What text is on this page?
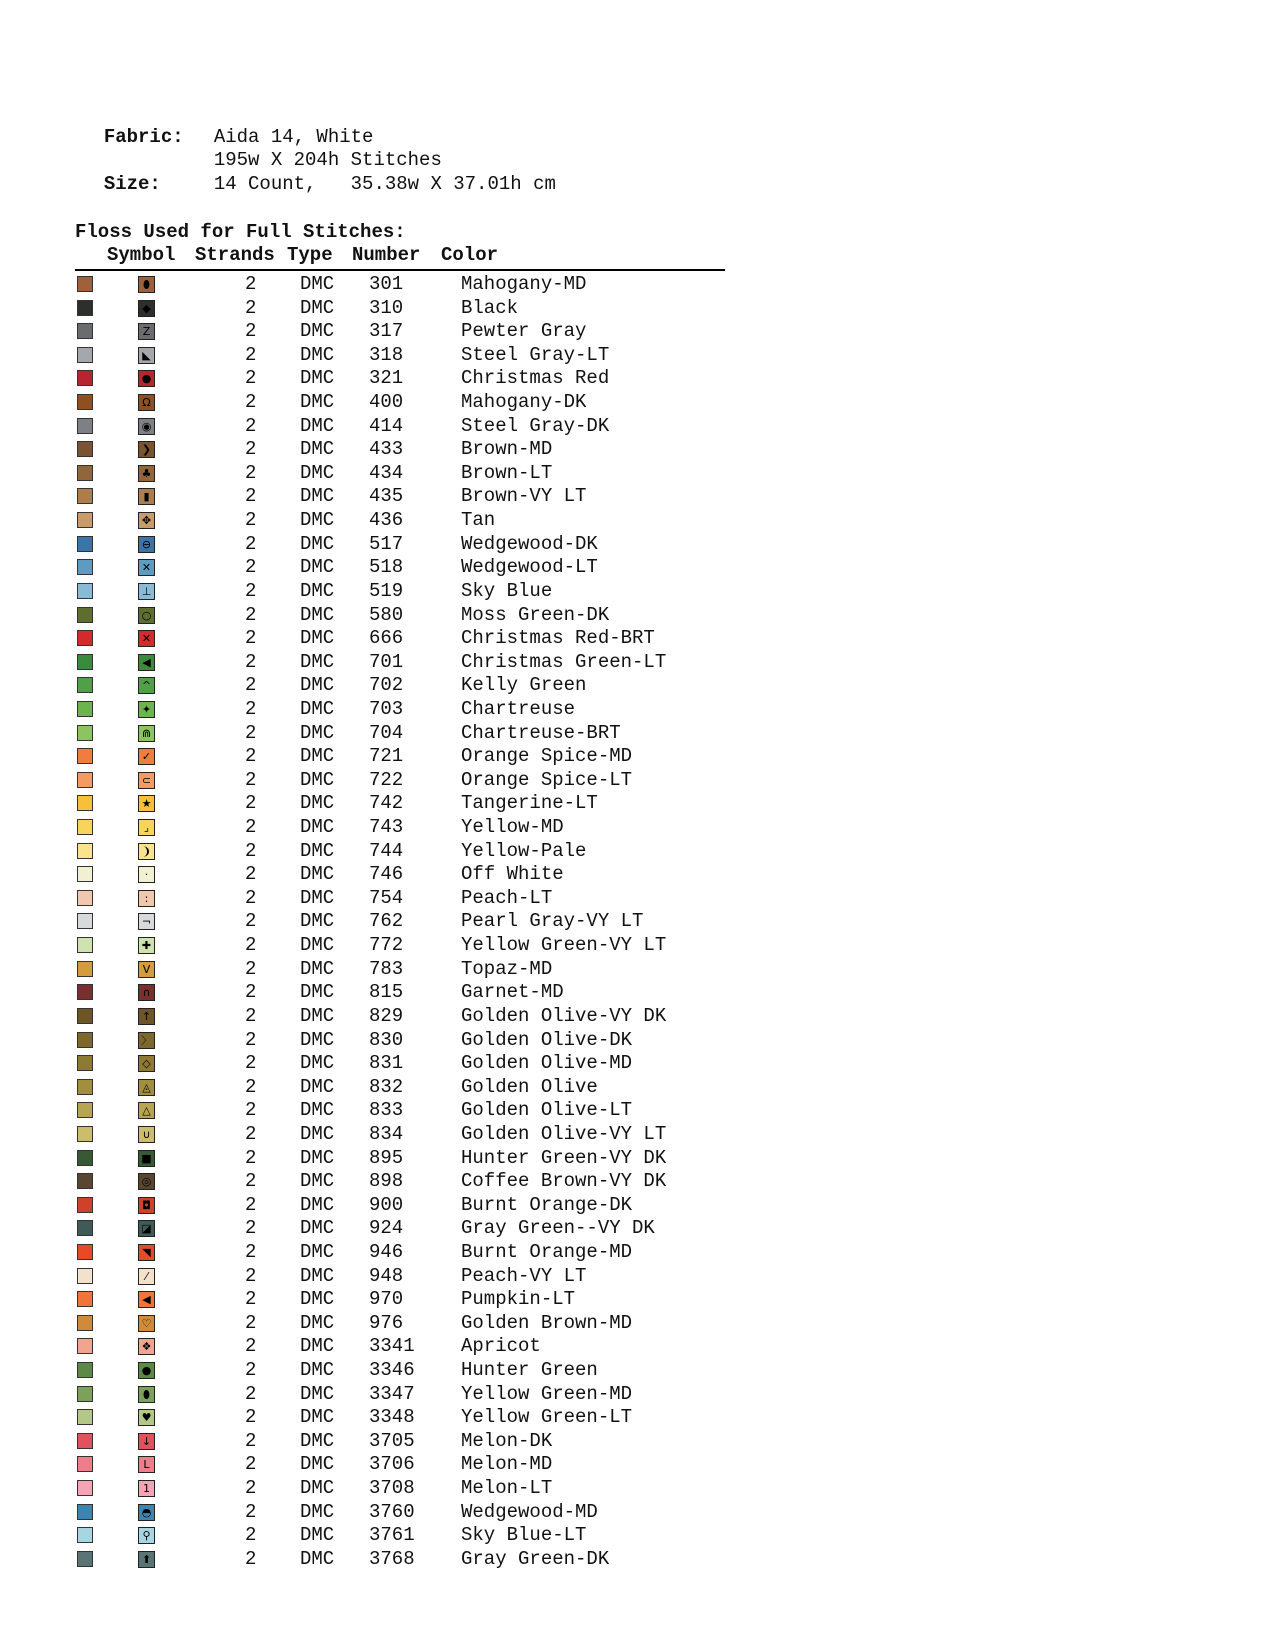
Fabric: Aida 14, White

195w X 204h Stitches

Size:	14 Count,   35.38w X 37.01h cm

Floss Used for Full Stitches:
Symbol Strands Type Number Color
⬮	2 DMC 301	Mahogany-MD
◆	2 DMC 310	Black
Z	2 DMC 317	Pewter Gray
◣	2 DMC 318	Steel Gray-LT
●	2 DMC 321	Christmas Red
Ω	2 DMC 400	Mahogany-DK
◉	2 DMC 414	Steel Gray-DK
❯	2 DMC 433	Brown-MD
♣	2 DMC 434	Brown-LT
▮	2 DMC 435	Brown-VY LT
✥	2 DMC 436	Tan
⊖	2 DMC 517	Wedgewood-DK
✕	2 DMC 518	Wedgewood-LT
⊥	2 DMC 519	Sky Blue
○	2 DMC 580	Moss Green-DK
✕	2 DMC 666	Christmas Red-BRT
◀	2 DMC 701	Christmas Green-LT
^	2 DMC 702	Kelly Green
✦	2 DMC 703	Chartreuse
⋒	2 DMC 704	Chartreuse-BRT
✓	2 DMC 721	Orange Spice-MD
⊂	2 DMC 722	Orange Spice-LT
★	2 DMC 742	Tangerine-LT
⌟	2 DMC 743	Yellow-MD
❩	2 DMC 744	Yellow-Pale
·	2 DMC 746	Off White
:	2 DMC 754	Peach-LT
¬	2 DMC 762	Pearl Gray-VY LT
✚	2 DMC 772	Yellow Green-VY LT
V	2 DMC 783	Topaz-MD
∩	2 DMC 815	Garnet-MD
↑	2 DMC 829	Golden Olive-VY DK
〉	2 DMC 830	Golden Olive-DK
◇	2 DMC 831	Golden Olive-MD
◬	2 DMC 832	Golden Olive
△	2 DMC 833	Golden Olive-LT
∪	2 DMC 834	Golden Olive-VY LT
■	2 DMC 895	Hunter Green-VY DK
◎	2 DMC 898	Coffee Brown-VY DK
◘	2 DMC 900	Burnt Orange-DK
◪	2 DMC 924	Gray Green--VY DK
◥	2 DMC 946	Burnt Orange-MD
⁄	2 DMC 948	Peach-VY LT
◀	2 DMC 970	Pumpkin-LT
♡	2 DMC 976	Golden Brown-MD
❖	2 DMC 3341 Apricot
●	2 DMC 3346 Hunter Green
⬮	2 DMC 3347 Yellow Green-MD
♥	2 DMC 3348 Yellow Green-LT
↓	2 DMC 3705 Melon-DK
L	2 DMC 3706 Melon-MD
1	2 DMC 3708 Melon-LT
◓	2 DMC 3760 Wedgewood-MD
⚲	2 DMC 3761 Sky Blue-LT
⬆	2 DMC 3768 Gray Green-DK
